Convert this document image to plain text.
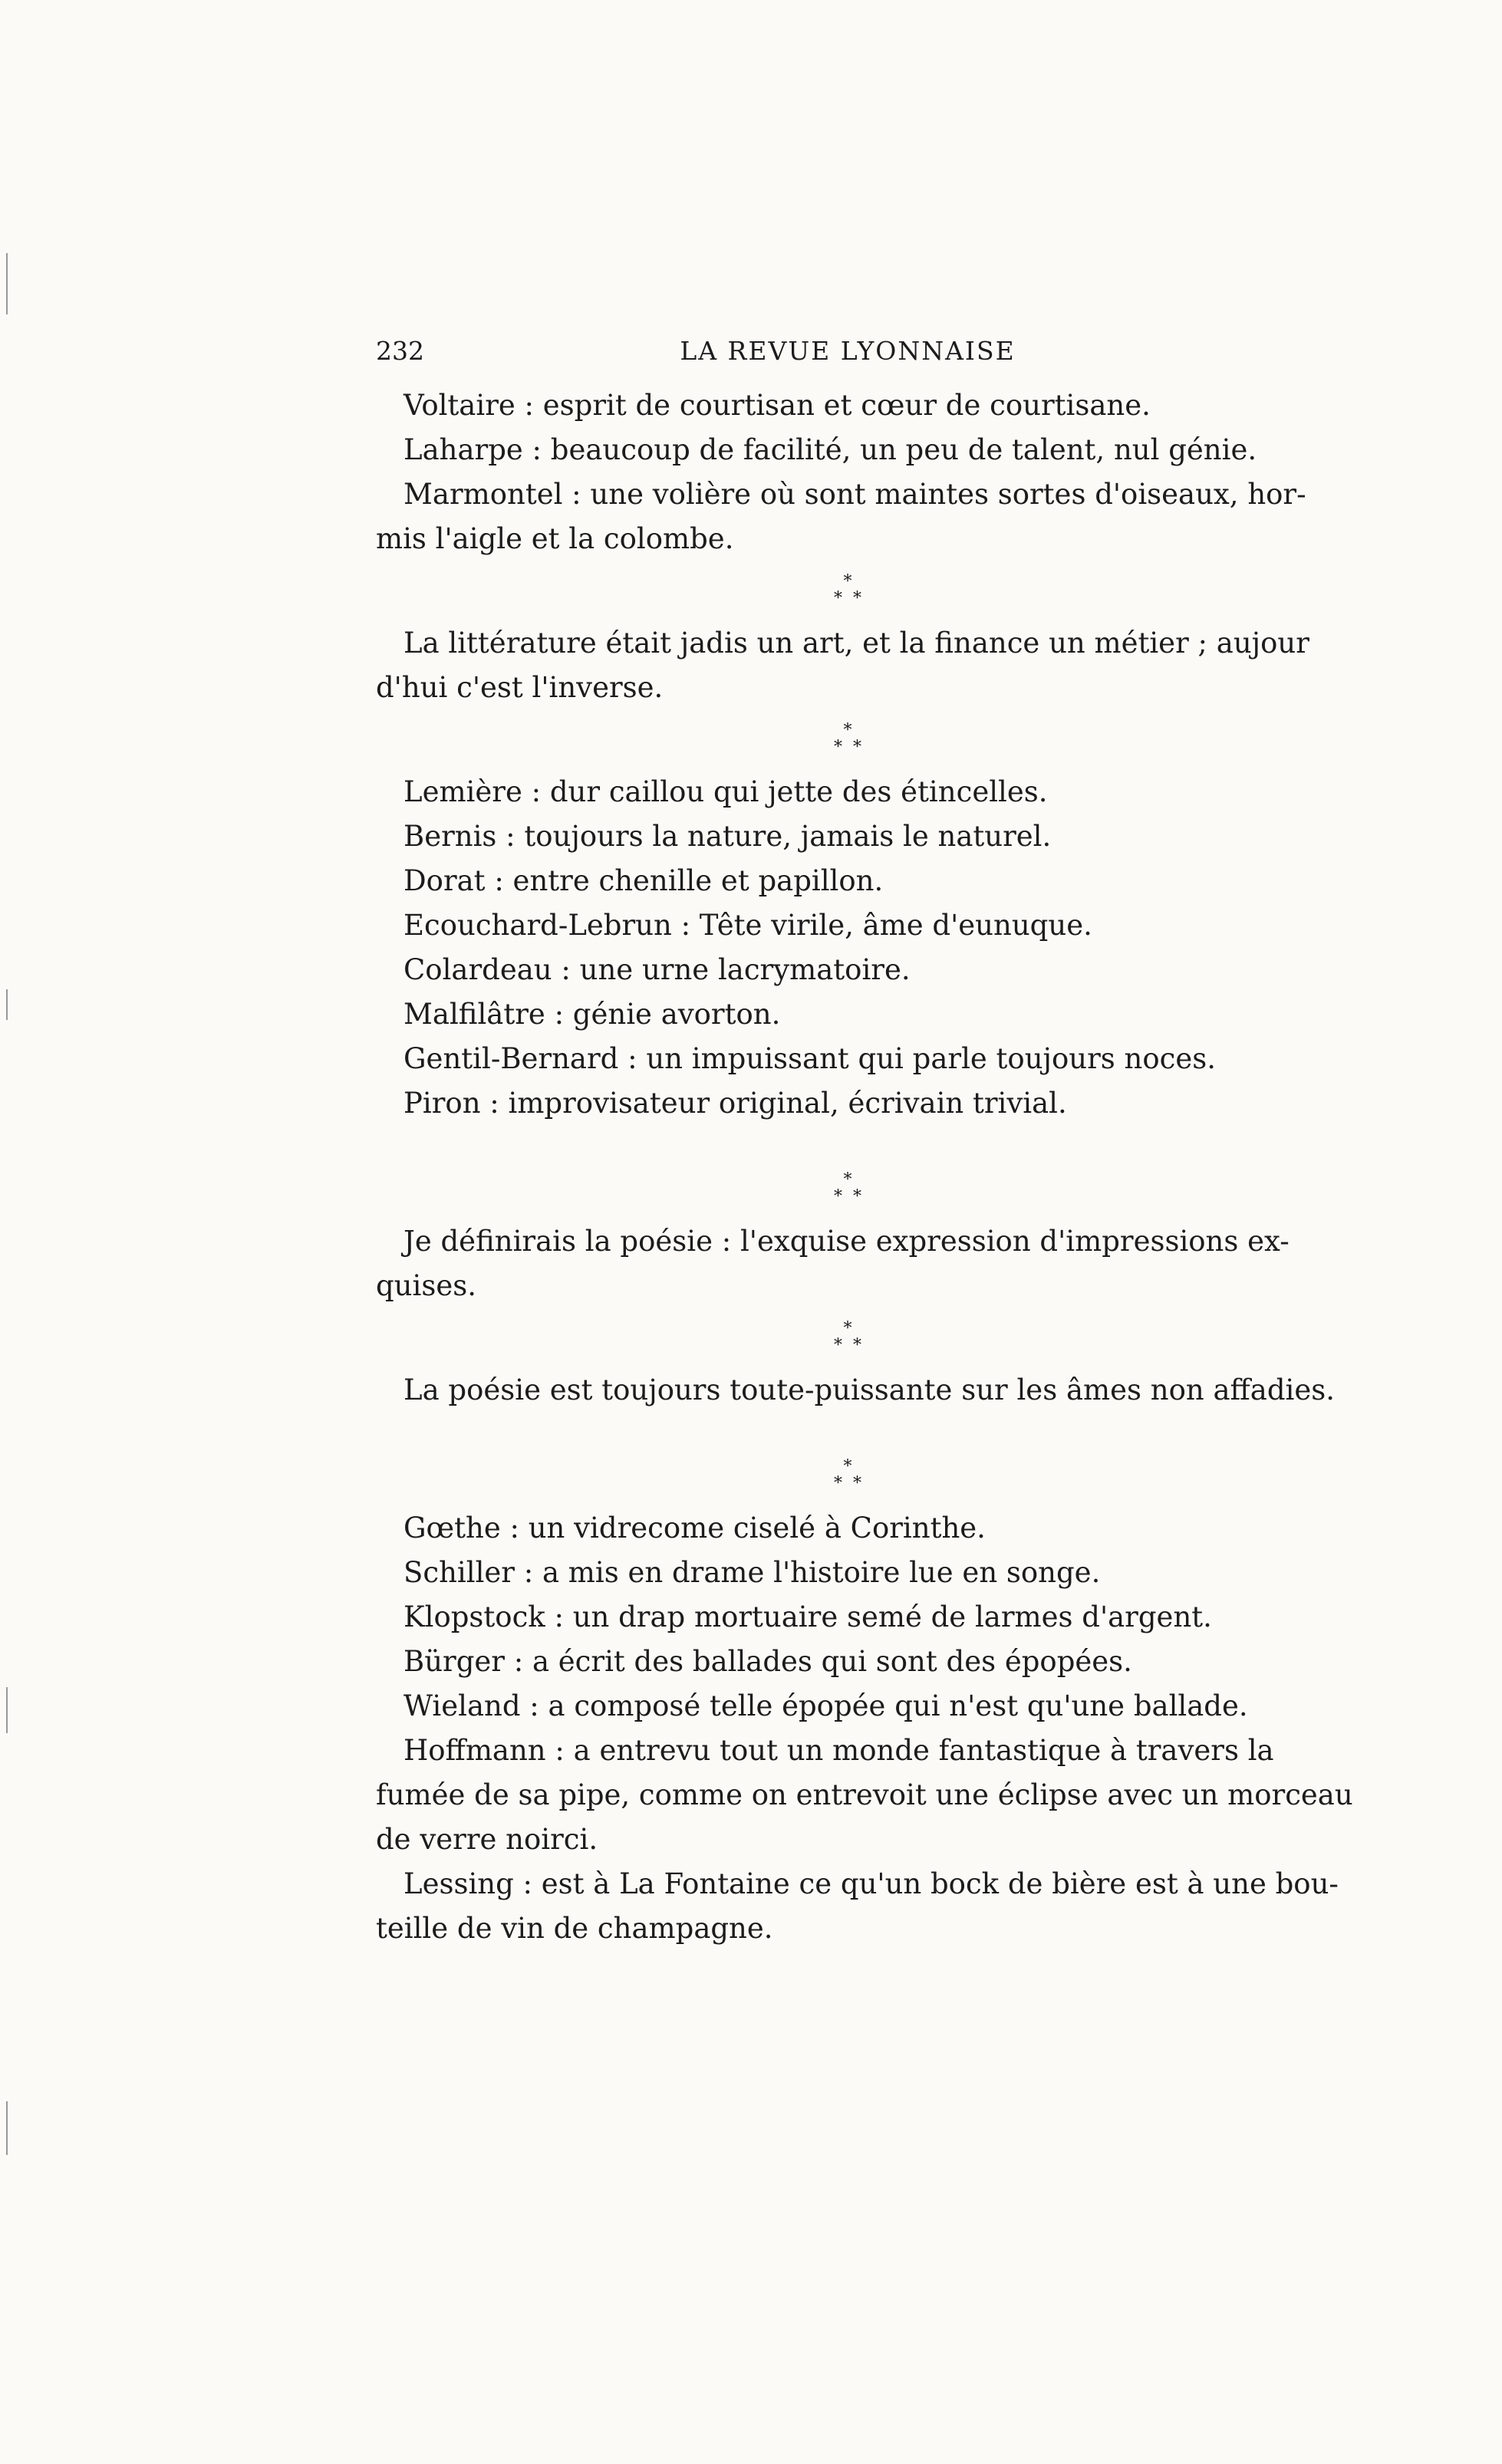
232	LA REVUE LYONNAISE

Voltaire : esprit de courtisan et cœur de courtisane.

Laharpe : beaucoup de facilité, un peu de talent, nul génie.

Marmontel : une volière où sont maintes sortes d'oiseaux, hor-

mis l'aigle et la colombe.

*
**

La littérature était jadis un art, et la finance un métier ; aujour

d'hui c'est l'inverse.

*
**

Lemière : dur caillou qui jette des étincelles.

Bernis : toujours la nature, jamais le naturel.

Dorat : entre chenille et papillon.

Ecouchard-Lebrun : Tête virile, âme d'eunuque.

Colardeau : une urne lacrymatoire.

Malfilâtre : génie avorton.

Gentil-Bernard : un impuissant qui parle toujours noces.

Piron : improvisateur original, écrivain trivial.

*
**

Je définirais la poésie : l'exquise expression d'impressions ex-

quises.

*
**

La poésie est toujours toute-puissante sur les âmes non affadies.

*
**

Gœthe : un vidrecome ciselé à Corinthe.

Schiller : a mis en drame l'histoire lue en songe.

Klopstock : un drap mortuaire semé de larmes d'argent.

Bürger : a écrit des ballades qui sont des épopées.

Wieland : a composé telle épopée qui n'est qu'une ballade.

Hoffmann : a entrevu tout un monde fantastique à travers la

fumée de sa pipe, comme on entrevoit une éclipse avec un morceau

de verre noirci.

Lessing : est à La Fontaine ce qu'un bock de bière est à une bou-

teille de vin de champagne.
